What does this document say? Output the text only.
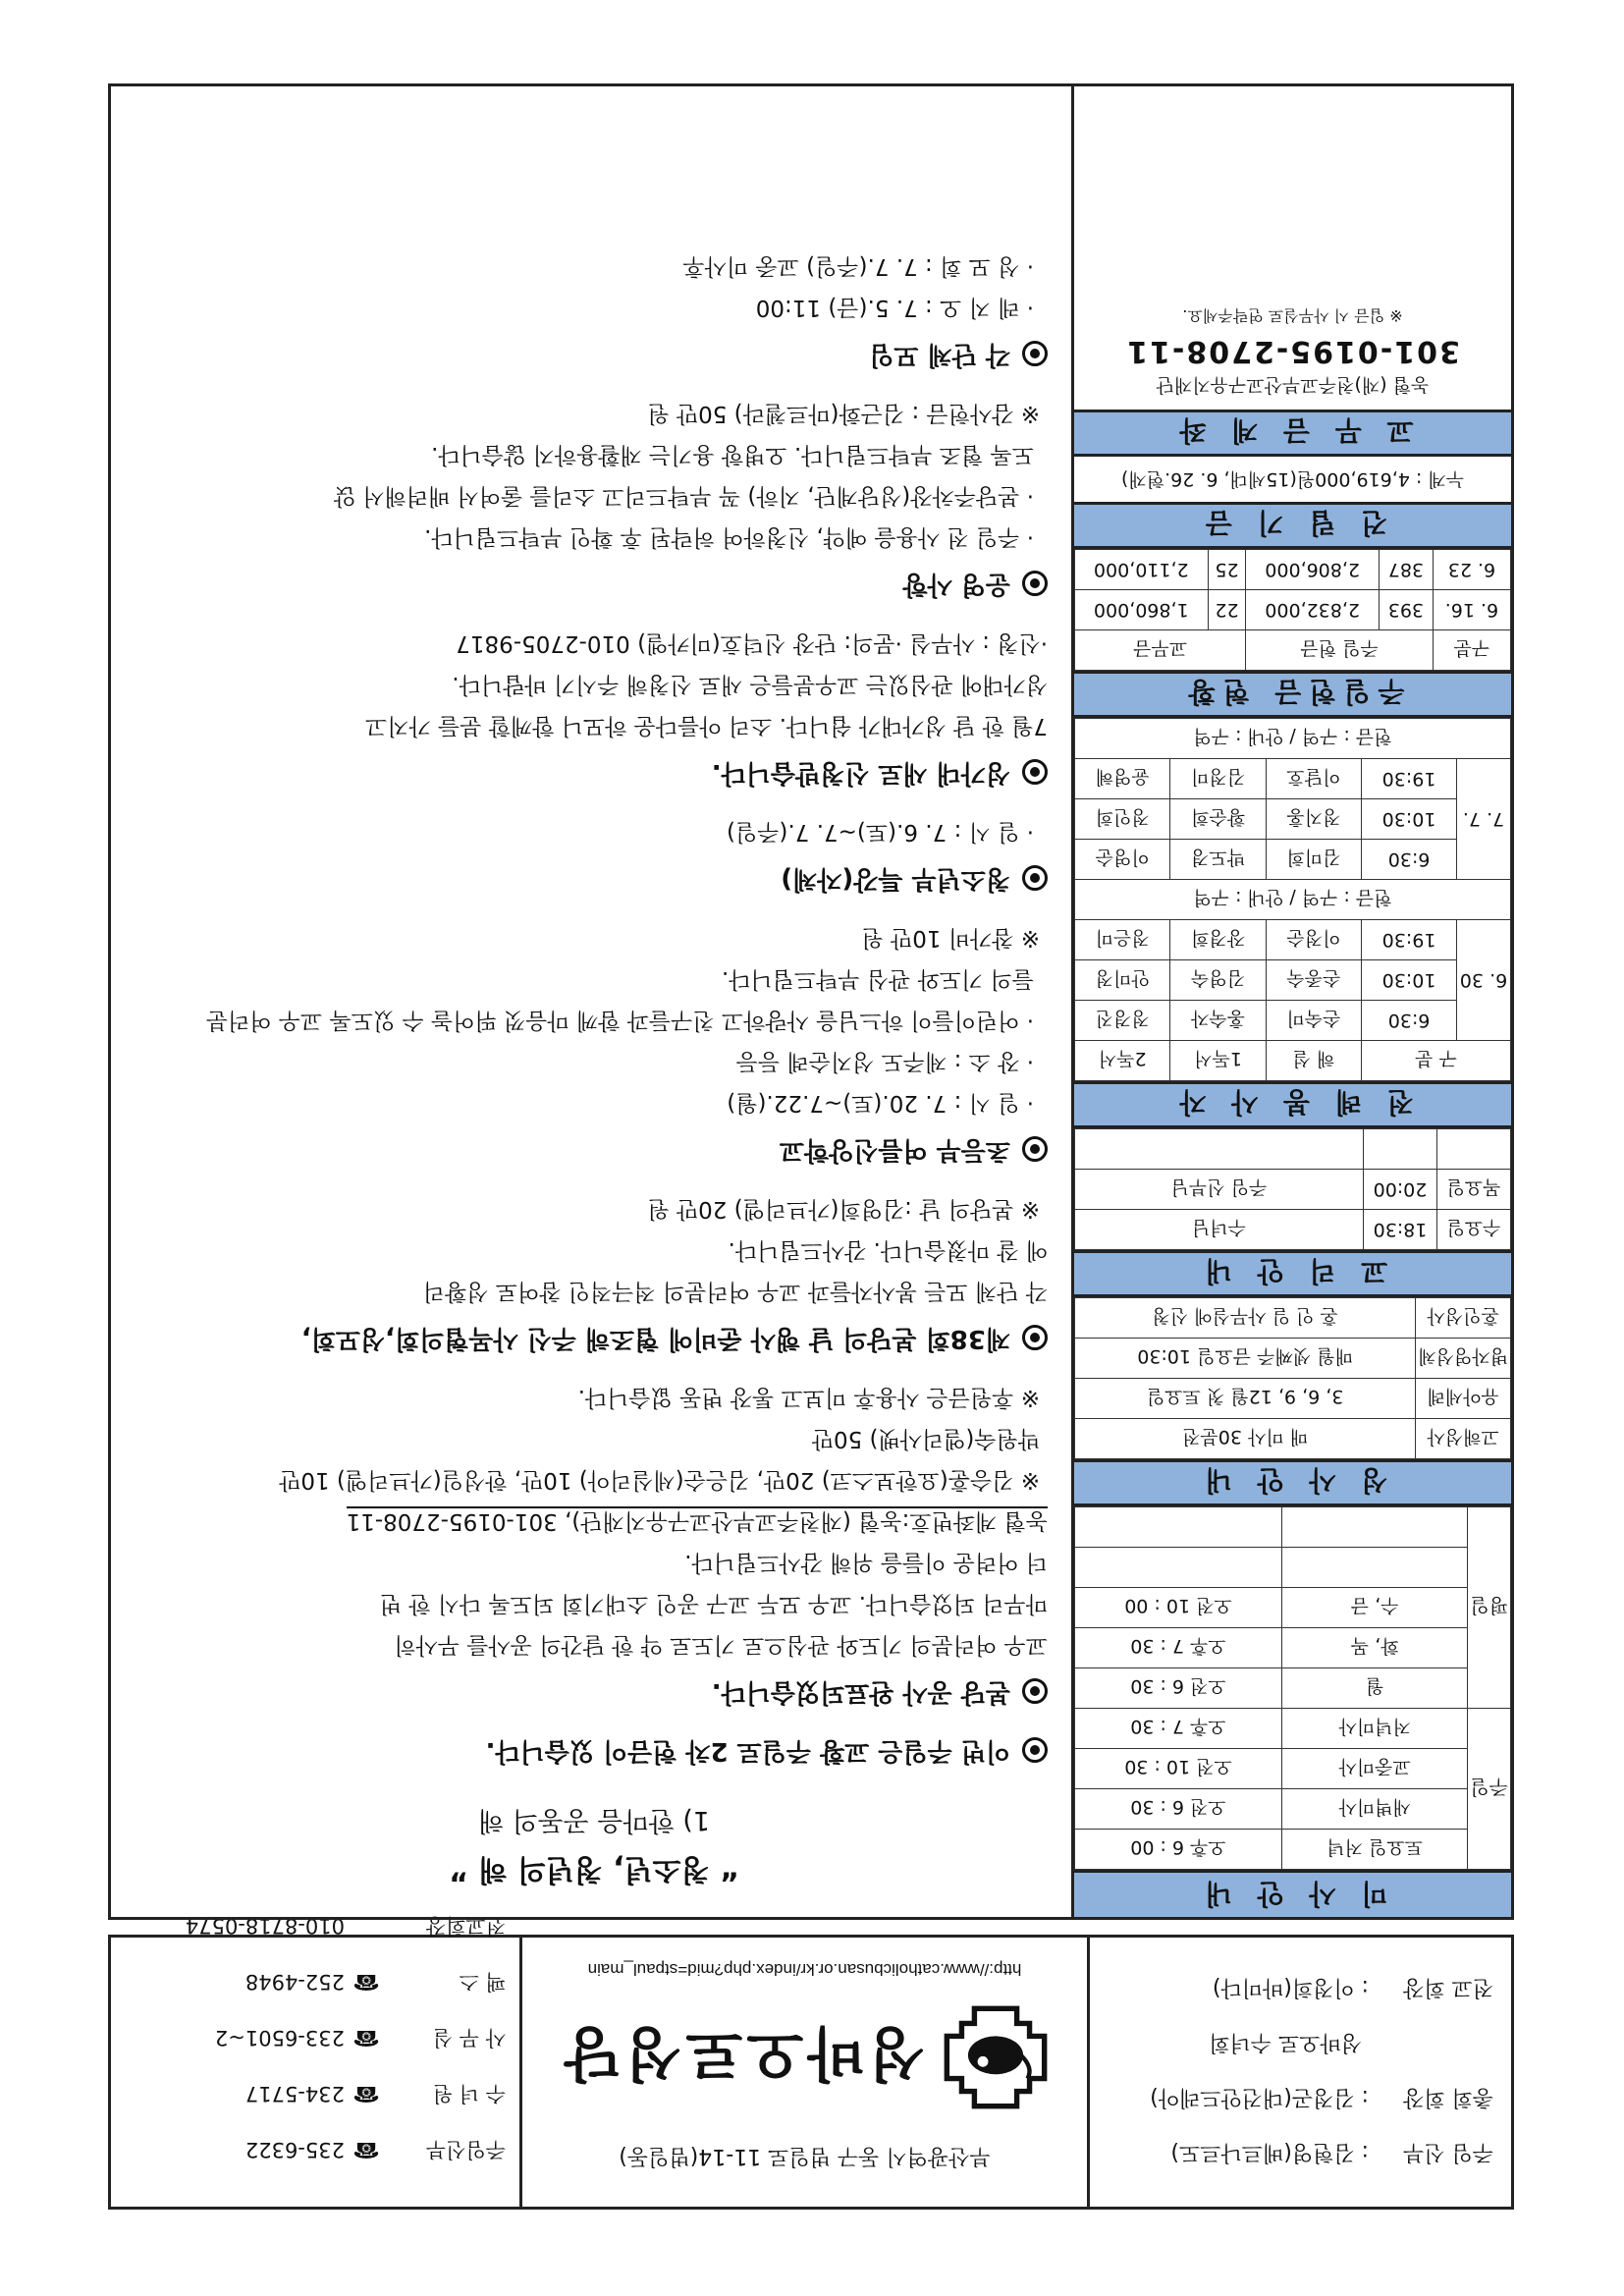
주임 신부 : 김현영(베르나르도)
총회 회장 : 김정곤(대건안드레아)
성바오로 수녀회
전교 회장 : 이정희(바미다)
부산광역시 동구 범일로 11-14(범일동)
성바오로성당
http://www.catholicbusan.or.kr/index.php?mid=stpaul_main
주임신부☎235-6322
수 녀 원☎234-5717
사 무 실☎233-6501~2
팩 스☎252-4948
전교회장010-8718-0574
미 사 안 내
주일	토요일 저녁	오후 6 : 00
	새벽미사	오전 6 : 30
	교중미사	오전 10 : 30
	저녁미사	오후 7 : 30
평일	월	오전 6 : 30
	화, 목	오후 7 : 30
	수, 금	오전 10 : 00

성 사 안 내
고해성사	매 미사 30분전
유아세례	3, 6, 9, 12월 첫 토요일
병자영성체	매월 셋째주 금요일 10:30
혼인성사	혼 인 일 사무실에 신청
교 리 안 내
수요일	18:30	수녀님
목요일	20:00	주임 신부님

전 례 봉 사 자
구 분		해 설	1독서	2독서
6. 30	6:30	손숙미	홍숙자	정경진
	10:30	손종숙	김영숙	안미정
	19:30	이정순	장경희	정은미
헌금 : 구역 / 안내 : 구역				
7. 7.	6:30	김미희	박도경	이영순
	10:30	정지홍	황순희	정인희
	19:30	이달호	김정미	윤영혜
헌금 : 구역 / 안내 : 구역				
주일헌금 현황
구분	주일 헌금		교무금	
6. 16.	393	2,832,000	22	1,860,000
6. 23	387	2,806,000	25	2,110,000
건 립 기 금
누계 : 4,619,000원(15세대, 6. 26.현재)
교 무 금 계 좌
농협 (재)천주교부산교구유지재단
301-0195-2708-11
※ 입금 시 사무실로 연락주세요.
“ 청소년, 청년의 해 ”
1) 한마음 공동의 해
이번 주일은 교황 주일로 2차 헌금이 있습니다.
본당 공사 완료되었습니다.
교우 여러분의 기도와 관심으로 기도로 약 한 달간의 공사를 무사히
마무리 되었습니다. 교우 모두 교구 공인 소대기회 되도록 다시 한 번
더 어려운 이들을 위해 감사드립니다.
농협 계좌번호:농협 (재천주교부산교구유지재단), 301-0195-2708-11
※ 김승훈(요한보스코) 20만, 김은순(세실리아) 10만, 한성일(가브리엘) 10만
박원숙(엘리사벳) 50만
※ 후원금은 사용후 미보고 통장 변동 없습니다.
제38회 본당의 날 행사 준비에 협조해 주신 사목협의회,성모회,
각 단체 모든 봉사자들과 교우 여러분의 적극적인 참여로 성황리
에 잘 마쳤습니다. 감사드립니다.
※ 본당의 날 :김영희(가브리엘) 20만 원
초등부 여름신앙학교
· 일 시 : 7. 20.(토)~7.22.(월)
· 장 소 : 제주도 성지순례 등등
· 어린이들이 하느님을 사랑하고 친구들과 함께 마음껏 뛰어놀 수 있도록 교우 여러분
들의 기도와 관심 부탁드립니다.
※ 참가비 10만 원
청소년부 특강(자체)
· 일 시 : 7. 6.(토)~7. 7.(주일)
성가대 새로 신청받습니다.
7월 한 달 성가대가 쉽니다. 소리 아름다운 하모니 함께할 분들 가지고
성가대에 관심있는 교우분들은 새로 신청해 주시기 바랍니다.
·신청 : 사무실 ·문의: 단장 신덕호(미카엘) 010-2705-9817
운영 사항
· 주일 전 사용을 예약, 신청하여 허락된 후 확인 부탁드립니다.
· 본당주차장(성당계단, 지하) 꼭 부탁드리고 소리를 줄여서 배려해서 앉
도록 협조 부탁드립니다. 오병항 용기는 재활용하지 않습니다.
※ 감사헌금 : 김근화(마르첼라) 50만 원
각 단체 모임
· 레 지 오 : 7. 5.(금) 11:00
· 성 모 회 : 7. 7.(주일) 교중 미사후
